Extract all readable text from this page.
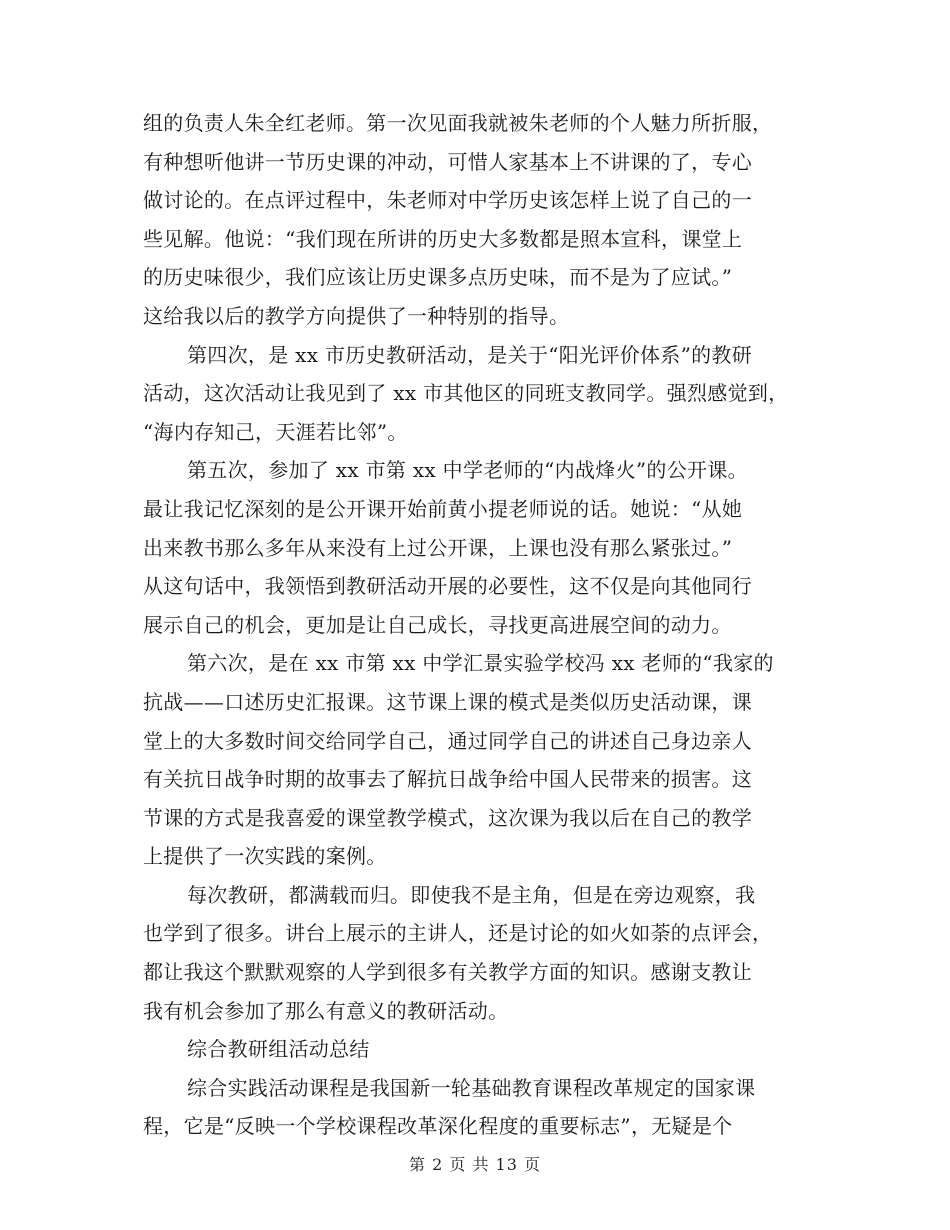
组的负责人朱全红老师。第一次见面我就被朱老师的个人魅力所折服，
有种想听他讲一节历史课的冲动，可惜人家基本上不讲课的了，专心
做讨论的。在点评过程中，朱老师对中学历史该怎样上说了自己的一
些见解。他说：“我们现在所讲的历史大多数都是照本宣科，课堂上
的历史味很少，我们应该让历史课多点历史味，而不是为了应试。”
这给我以后的教学方向提供了一种特别的指导。
第四次，是 xx 市历史教研活动，是关于“阳光评价体系”的教研
活动，这次活动让我见到了 xx 市其他区的同班支教同学。强烈感觉到，
“海内存知己，天涯若比邻”。
第五次，参加了 xx 市第 xx 中学老师的“内战烽火”的公开课。
最让我记忆深刻的是公开课开始前黄小提老师说的话。她说：“从她
出来教书那么多年从来没有上过公开课，上课也没有那么紧张过。”
从这句话中，我领悟到教研活动开展的必要性，这不仅是向其他同行
展示自己的机会，更加是让自己成长，寻找更高进展空间的动力。
第六次，是在 xx 市第 xx 中学汇景实验学校冯 xx 老师的“我家的
抗战——口述历史汇报课。这节课上课的模式是类似历史活动课，课
堂上的大多数时间交给同学自己，通过同学自己的讲述自己身边亲人
有关抗日战争时期的故事去了解抗日战争给中国人民带来的损害。这
节课的方式是我喜爱的课堂教学模式，这次课为我以后在自己的教学
上提供了一次实践的案例。
每次教研，都满载而归。即使我不是主角，但是在旁边观察，我
也学到了很多。讲台上展示的主讲人，还是讨论的如火如荼的点评会，
都让我这个默默观察的人学到很多有关教学方面的知识。感谢支教让
我有机会参加了那么有意义的教研活动。
综合教研组活动总结
综合实践活动课程是我国新一轮基础教育课程改革规定的国家课
程，它是“反映一个学校课程改革深化程度的重要标志”，无疑是个
第 2 页 共 13 页
